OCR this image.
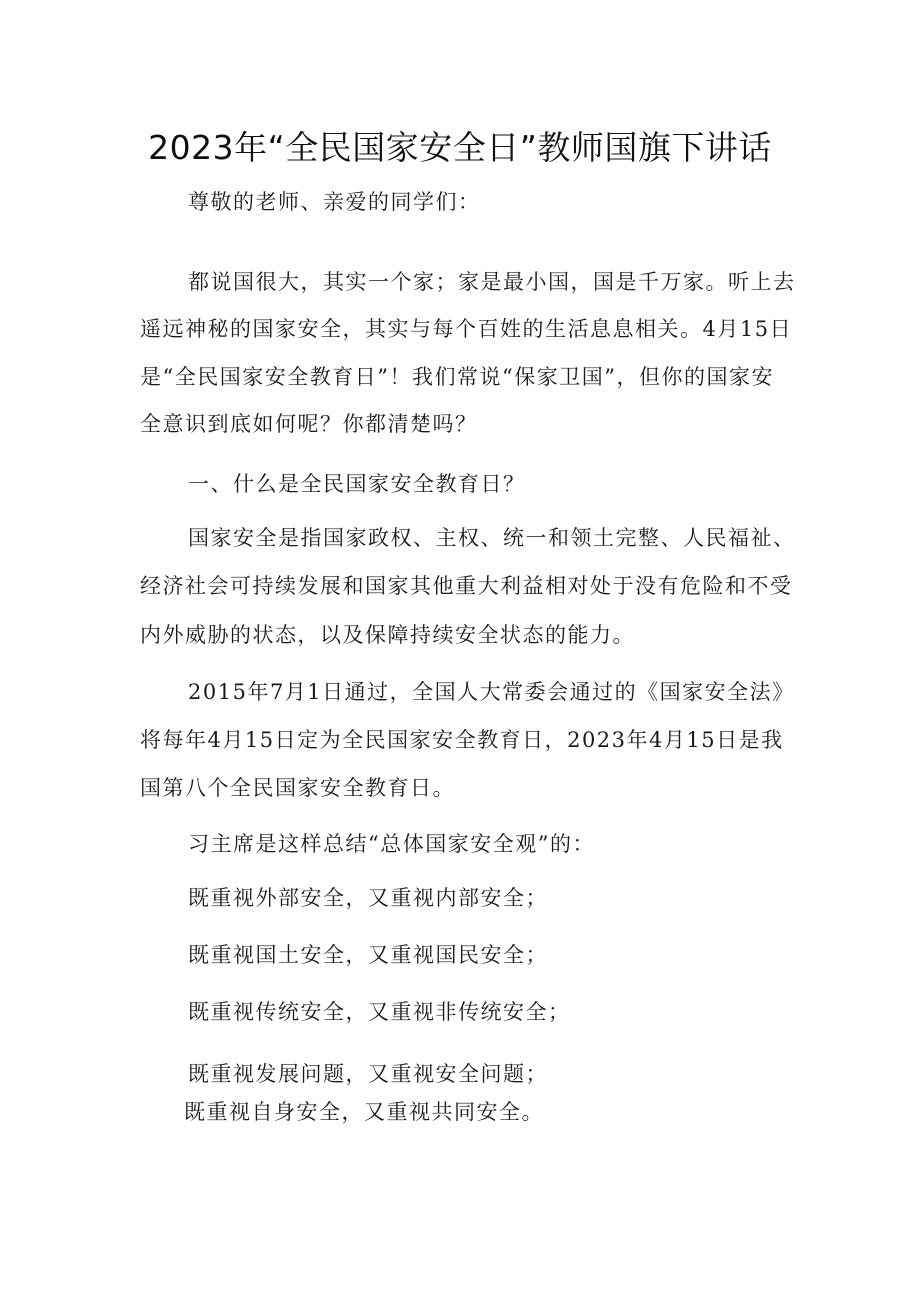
2023年“全民国家安全日”教师国旗下讲话
尊敬的老师、亲爱的同学们：
都说国很大，其实一个家；家是最小国，国是千万家。听上去
遥远神秘的国家安全，其实与每个百姓的生活息息相关。4月15日
是“全民国家安全教育日”！我们常说“保家卫国”，但你的国家安
全意识到底如何呢？你都清楚吗？
一、什么是全民国家安全教育日？
国家安全是指国家政权、主权、统一和领土完整、人民福祉、
经济社会可持续发展和国家其他重大利益相对处于没有危险和不受
内外威胁的状态，以及保障持续安全状态的能力。
2015年7月1日通过，全国人大常委会通过的《国家安全法》
将每年4月15日定为全民国家安全教育日，2023年4月15日是我
国第八个全民国家安全教育日。
习主席是这样总结“总体国家安全观”的：
既重视外部安全，又重视内部安全；
既重视国土安全，又重视国民安全；
既重视传统安全，又重视非传统安全；
既重视发展问题，又重视安全问题；
既重视自身安全，又重视共同安全。
